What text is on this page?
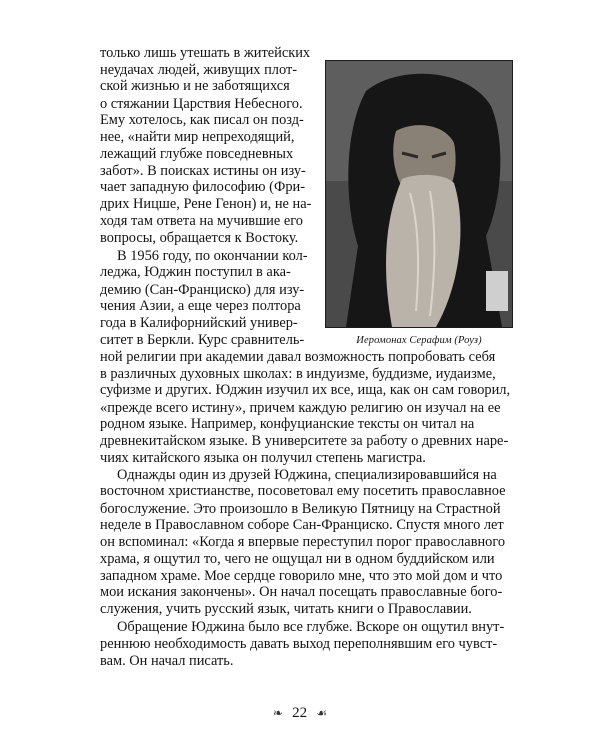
Иеромонах Серафим (Роуз)
только лишь утешать в житейских
неудачах людей, живущих плот-
ской жизнью и не заботящихся
о стяжании Царствия Небесного.
Ему хотелось, как писал он позд-
нее, «найти мир непреходящий,
лежащий глубже повседневных
забот». В поисках истины он изу-
чает западную философию (Фри-
дрих Ницше, Рене Генон) и, не на-
ходя там ответа на мучившие его
вопросы, обращается к Востоку.
В 1956 году, по окончании кол-
леджа, Юджин поступил в ака-
демию (Сан-Франциско) для изу-
чения Азии, а еще через полтора
года в Калифорнийский универ-
ситет в Беркли. Курс сравнитель-
ной религии при академии давал возможность попробовать себя
в различных духовных школах: в индуизме, буддизме, иудаизме,
суфизме и других. Юджин изучил их все, ища, как он сам говорил,
«прежде всего истину», причем каждую религию он изучал на ее
родном языке. Например, конфуцианские тексты он читал на
древнекитайском языке. В университете за работу о древних наре-
чиях китайского языка он получил степень магистра.
Однажды один из друзей Юджина, специализировавшийся на
восточном христианстве, посоветовал ему посетить православное
богослужение. Это произошло в Великую Пятницу на Страстной
неделе в Православном соборе Сан-Франциско. Спустя много лет
он вспоминал: «Когда я впервые переступил порог православного
храма, я ощутил то, чего не ощущал ни в одном буддийском или
западном храме. Мое сердце говорило мне, что это мой дом и что
мои искания закончены». Он начал посещать православные бого-
служения, учить русский язык, читать книги о Православии.
Обращение Юджина было все глубже. Вскоре он ощутил внут-
реннюю необходимость давать выход переполнявшим его чувст-
вам. Он начал писать.
❧ 22 ☙
